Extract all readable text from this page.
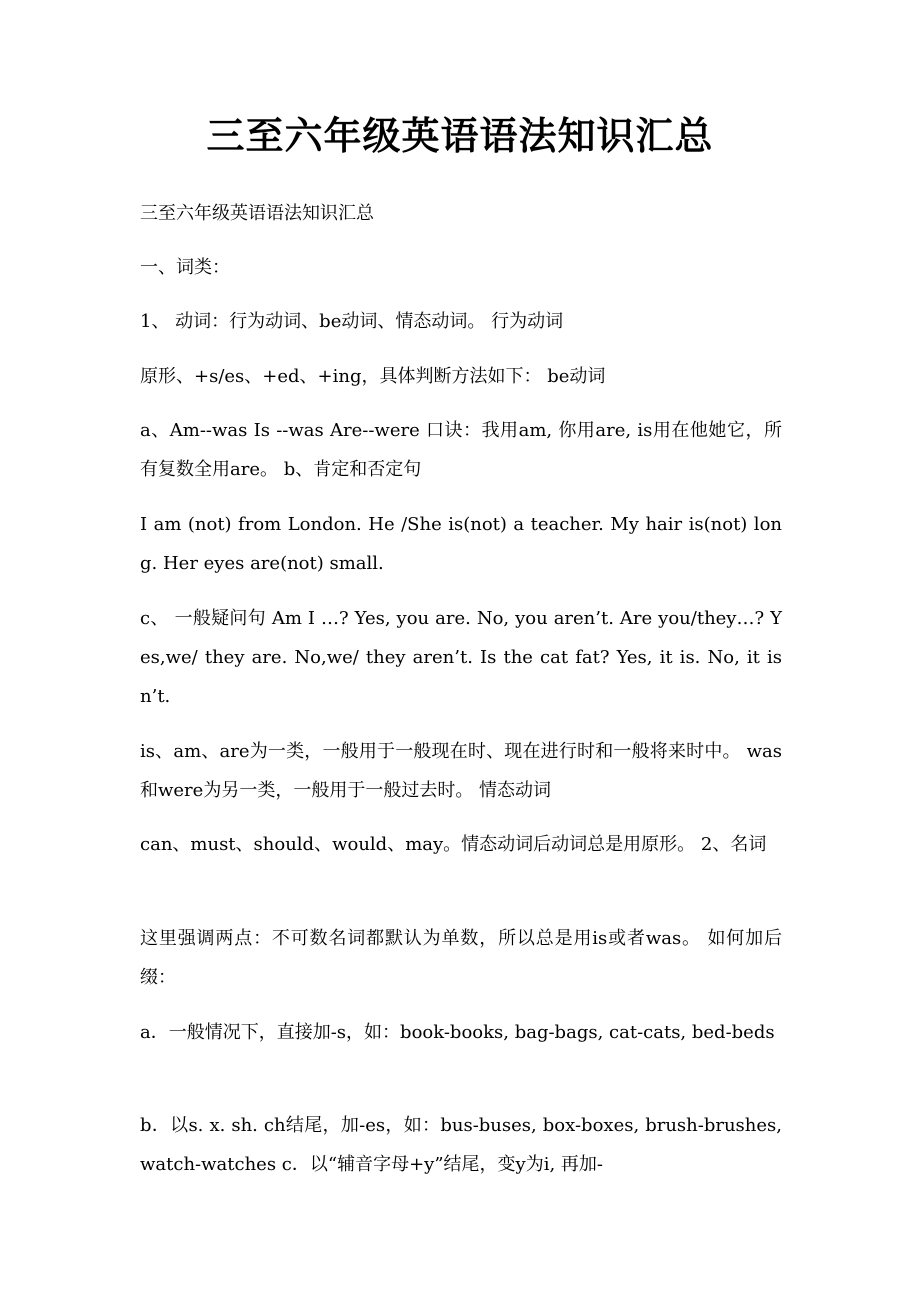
三至六年级英语语法知识汇总

三至六年级英语语法知识汇总

一、词类：

1、 动词：行为动词、be动词、情态动词。 行为动词

原形、+s/es、+ed、+ing，具体判断方法如下： be动词

a、Am--was Is --was Are--were 口诀：我用am, 你用are, is用在他她它，所有复数全用are。 b、肯定和否定句

I am (not) from London. He /She is(not) a teacher. My hair is(not) long. Her eyes are(not) small.

c、 一般疑问句 Am I …? Yes, you are. No, you aren’t. Are you/they…? Yes,we/ they are. No,we/ they aren’t. Is the cat fat? Yes, it is. No, it isn’t.

is、am、are为一类，一般用于一般现在时、现在进行时和一般将来时中。 was和were为另一类，一般用于一般过去时。 情态动词

can、must、should、would、may。情态动词后动词总是用原形。 2、名词

这里强调两点：不可数名词都默认为单数，所以总是用is或者was。 如何加后缀：

a．一般情况下，直接加-s，如：book-books, bag-bags, cat-cats, bed-beds

b．以s. x. sh. ch结尾，加-es，如：bus-buses, box-boxes, brush-brushes, watch-watches c．以“辅音字母+y”结尾，变y为i, 再加-
